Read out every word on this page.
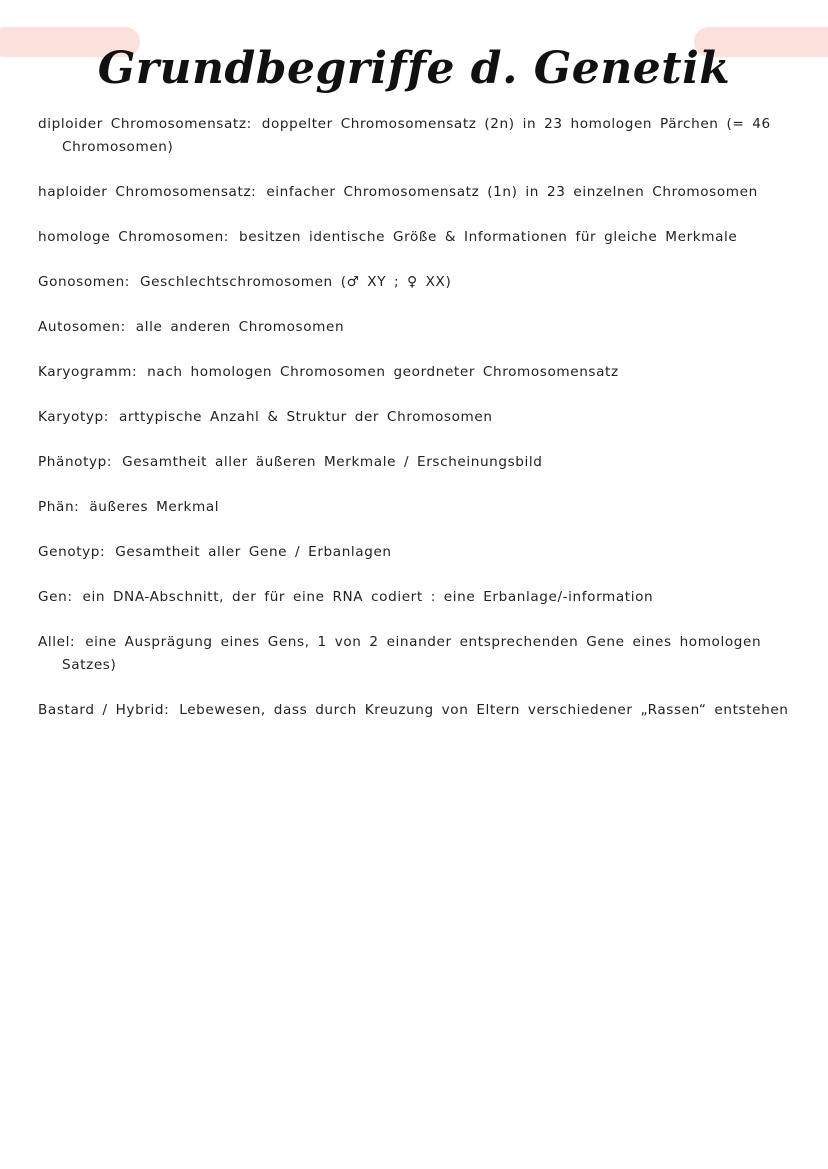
Grundbegriffe d. Genetik
diploider Chromosomensatz: doppelter Chromosomensatz (2n) in 23 homologen Pärchen (= 46 Chromosomen)
haploider Chromosomensatz: einfacher Chromosomensatz (1n) in 23 einzelnen Chromosomen
homologe Chromosomen: besitzen identische Größe & Informationen für gleiche Merkmale
Gonosomen: Geschlechtschromosomen (♂ XY ; ♀ XX)
Autosomen: alle anderen Chromosomen
Karyogramm: nach homologen Chromosomen geordneter Chromosomensatz
Karyotyp: arttypische Anzahl & Struktur der Chromosomen
Phänotyp: Gesamtheit aller äußeren Merkmale / Erscheinungsbild
Phän: äußeres Merkmal
Genotyp: Gesamtheit aller Gene / Erbanlagen
Gen: ein DNA-Abschnitt, der für eine RNA codiert : eine Erbanlage/-information
Allel: eine Ausprägung eines Gens, 1 von 2 einander entsprechenden Gene eines homologen Satzes)
Bastard / Hybrid: Lebewesen, dass durch Kreuzung von Eltern verschiedener „Rassen“ entstehen
